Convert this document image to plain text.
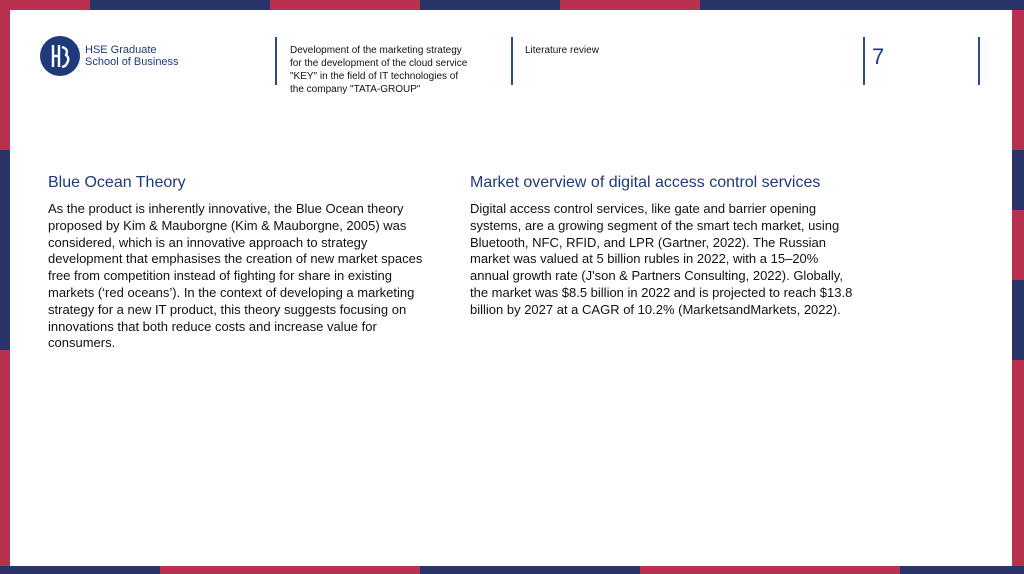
HSE Graduate
School of Business
Development of the marketing strategy for the development of the cloud service "KEY" in the field of IT technologies of the company "TATA-GROUP"
Literature review	7
Blue Ocean Theory
As the product is inherently innovative, the Blue Ocean theory proposed by Kim & Mauborgne (Kim & Mauborgne, 2005) was considered, which is an innovative approach to strategy development that emphasises the creation of new market spaces free from competition instead of fighting for share in existing markets (‘red oceans’). In the context of developing a marketing strategy for a new IT product, this theory suggests focusing on innovations that both reduce costs and increase value for consumers.
Market overview of digital access control services
Digital access control services, like gate and barrier opening systems, are a growing segment of the smart tech market, using Bluetooth, NFC, RFID, and LPR (Gartner, 2022). The Russian market was valued at 5 billion rubles in 2022, with a 15–20% annual growth rate (J'son & Partners Consulting, 2022). Globally, the market was $8.5 billion in 2022 and is projected to reach $13.8 billion by 2027 at a CAGR of 10.2% (MarketsandMarkets, 2022).
